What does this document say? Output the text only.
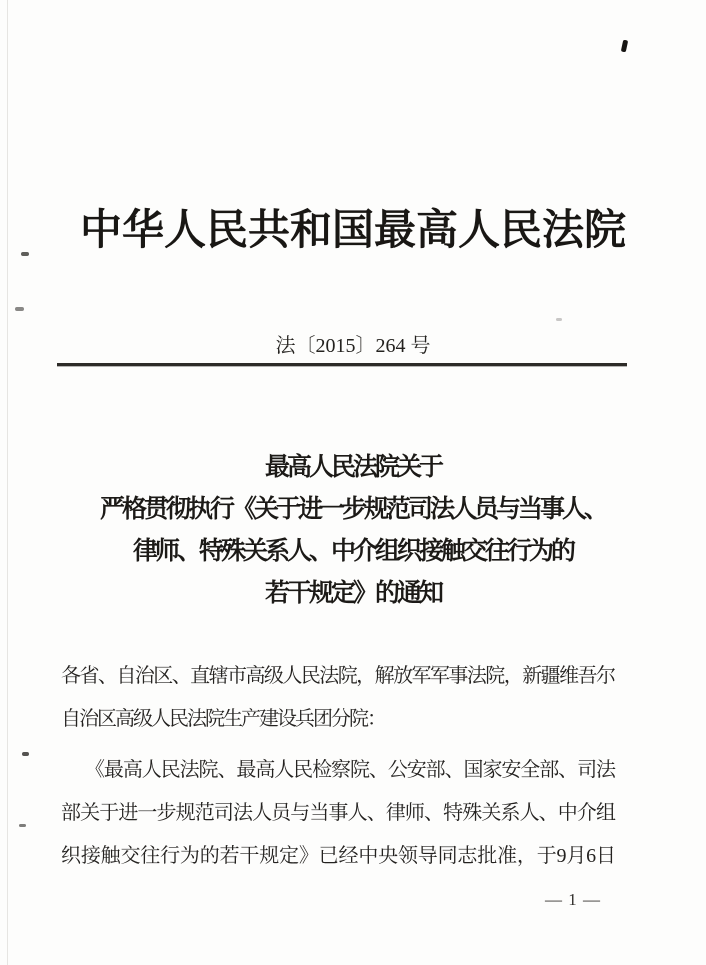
中华人民共和国最高人民法院
法〔2015〕264 号
最高人民法院关于
严格贯彻执行《关于进一步规范司法人员与当事人、
律师、特殊关系人、中介组织接触交往行为的
若干规定》的通知
各省、自治区、直辖市高级人民法院，解放军军事法院，新疆维吾尔
自治区高级人民法院生产建设兵团分院：
《最高人民法院、最高人民检察院、公安部、国家安全部、司法
部关于进一步规范司法人员与当事人、律师、特殊关系人、中介组
织接触交往行为的若干规定》已经中央领导同志批准，于9月6日
— 1 —
